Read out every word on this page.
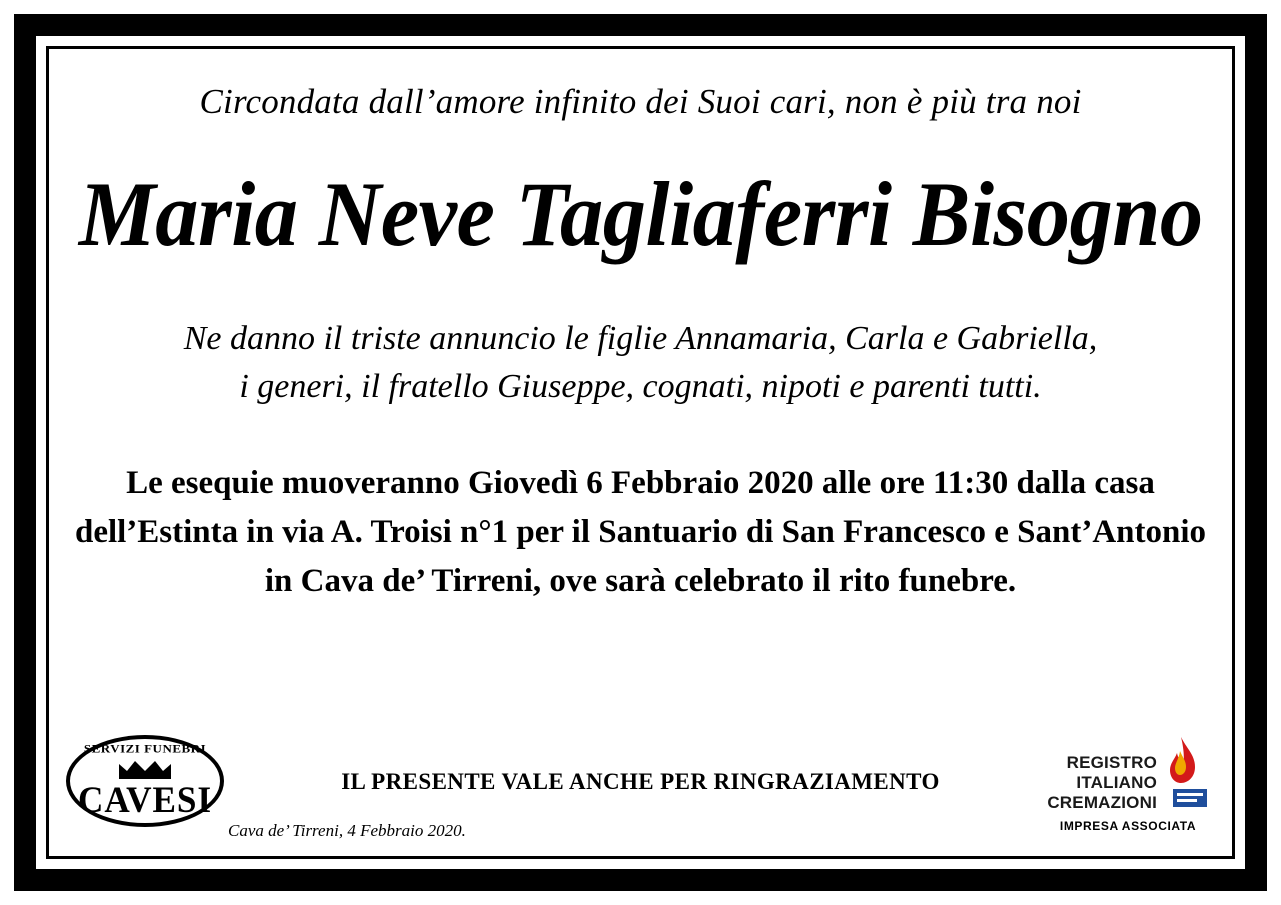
Circondata dall’amore infinito dei Suoi cari, non è più tra noi
Maria Neve Tagliaferri Bisogno
Ne danno il triste annuncio le figlie Annamaria, Carla e Gabriella,
i generi, il fratello Giuseppe, cognati, nipoti e parenti tutti.
Le esequie muoveranno Giovedì 6 Febbraio 2020 alle ore 11:30 dalla casa
dell’Estinta in via A. Troisi n°1 per il Santuario di San Francesco e Sant’Antonio
in Cava de’ Tirreni, ove sarà celebrato il rito funebre.
IL PRESENTE VALE ANCHE PER RINGRAZIAMENTO
Cava de’ Tirreni, 4 Febbraio 2020.
SERVIZI FUNEBRI
CAVESI
REGISTRO
ITALIANO
CREMAZIONI
IMPRESA ASSOCIATA
